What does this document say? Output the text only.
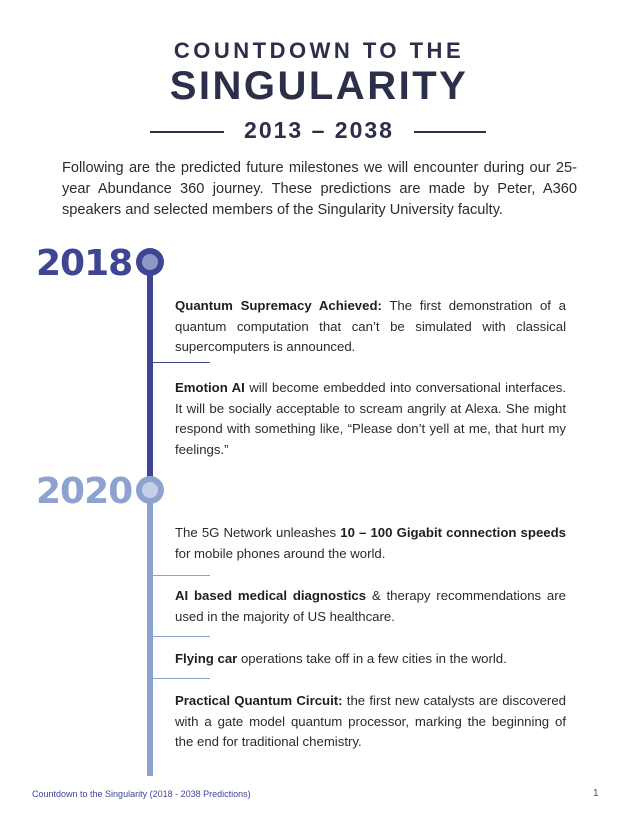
COUNTDOWN TO THE
SINGULARITY
2013 – 2038

Following are the predicted future milestones we will encounter during our 25-year Abundance 360 journey. These predictions are made by Peter, A360 speakers and selected members of the Singularity University faculty.

2018
2020

Quantum Supremacy Achieved: The first demonstration of a quantum computation that can’t be simulated with classical supercomputers is announced.

Emotion AI will become embedded into conversational interfaces. It will be socially acceptable to scream angrily at Alexa. She might respond with something like, “Please don’t yell at me, that hurt my feelings.”

The 5G Network unleashes 10 – 100 Gigabit connection speeds for mobile phones around the world.

AI based medical diagnostics & therapy recommendations are used in the majority of US healthcare.

Flying car operations take off in a few cities in the world.

Practical Quantum Circuit: the first new catalysts are discovered with a gate model quantum processor, marking the beginning of the end for traditional chemistry.

Countdown to the Singularity (2018 - 2038 Predictions)	1
